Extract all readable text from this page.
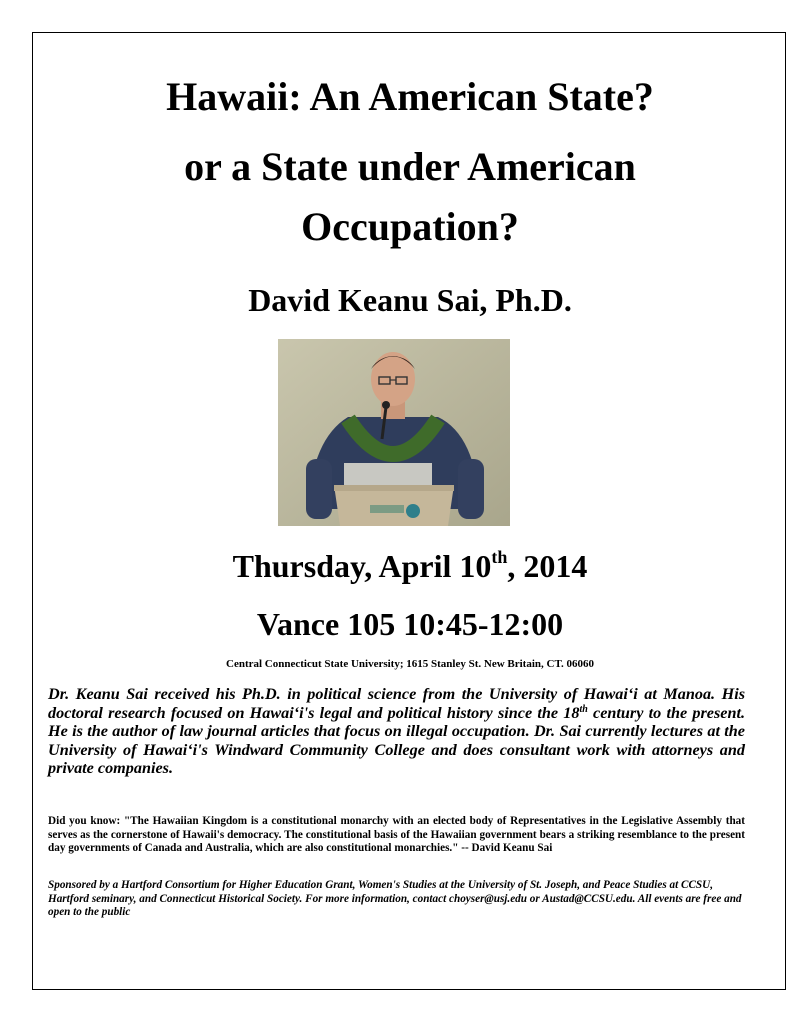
Hawaii: An American State?
or a State under American
Occupation?
David Keanu Sai, Ph.D.
Thursday, April 10th, 2014
Vance 105 10:45-12:00
Central Connecticut State University; 1615 Stanley St. New Britain, CT. 06060

Dr. Keanu Sai received his Ph.D. in political science from the University of Hawaiʻi at Manoa. His doctoral research focused on Hawaiʻi's legal and political history since the 18th century to the present. He is the author of law journal articles that focus on illegal occupation. Dr. Sai currently lectures at the University of Hawaiʻi's Windward Community College and does consultant work with attorneys and private companies.

Did you know: "The Hawaiian Kingdom is a constitutional monarchy with an elected body of Representatives in the Legislative Assembly that serves as the cornerstone of Hawaii's democracy. The constitutional basis of the Hawaiian government bears a striking resemblance to the present day governments of Canada and Australia, which are also constitutional monarchies." -- David Keanu Sai

Sponsored by a Hartford Consortium for Higher Education Grant, Women's Studies at the University of St. Joseph, and Peace Studies at CCSU, Hartford seminary, and Connecticut Historical Society. For more information, contact choyser@usj.edu or Austad@CCSU.edu. All events are free and open to the public
